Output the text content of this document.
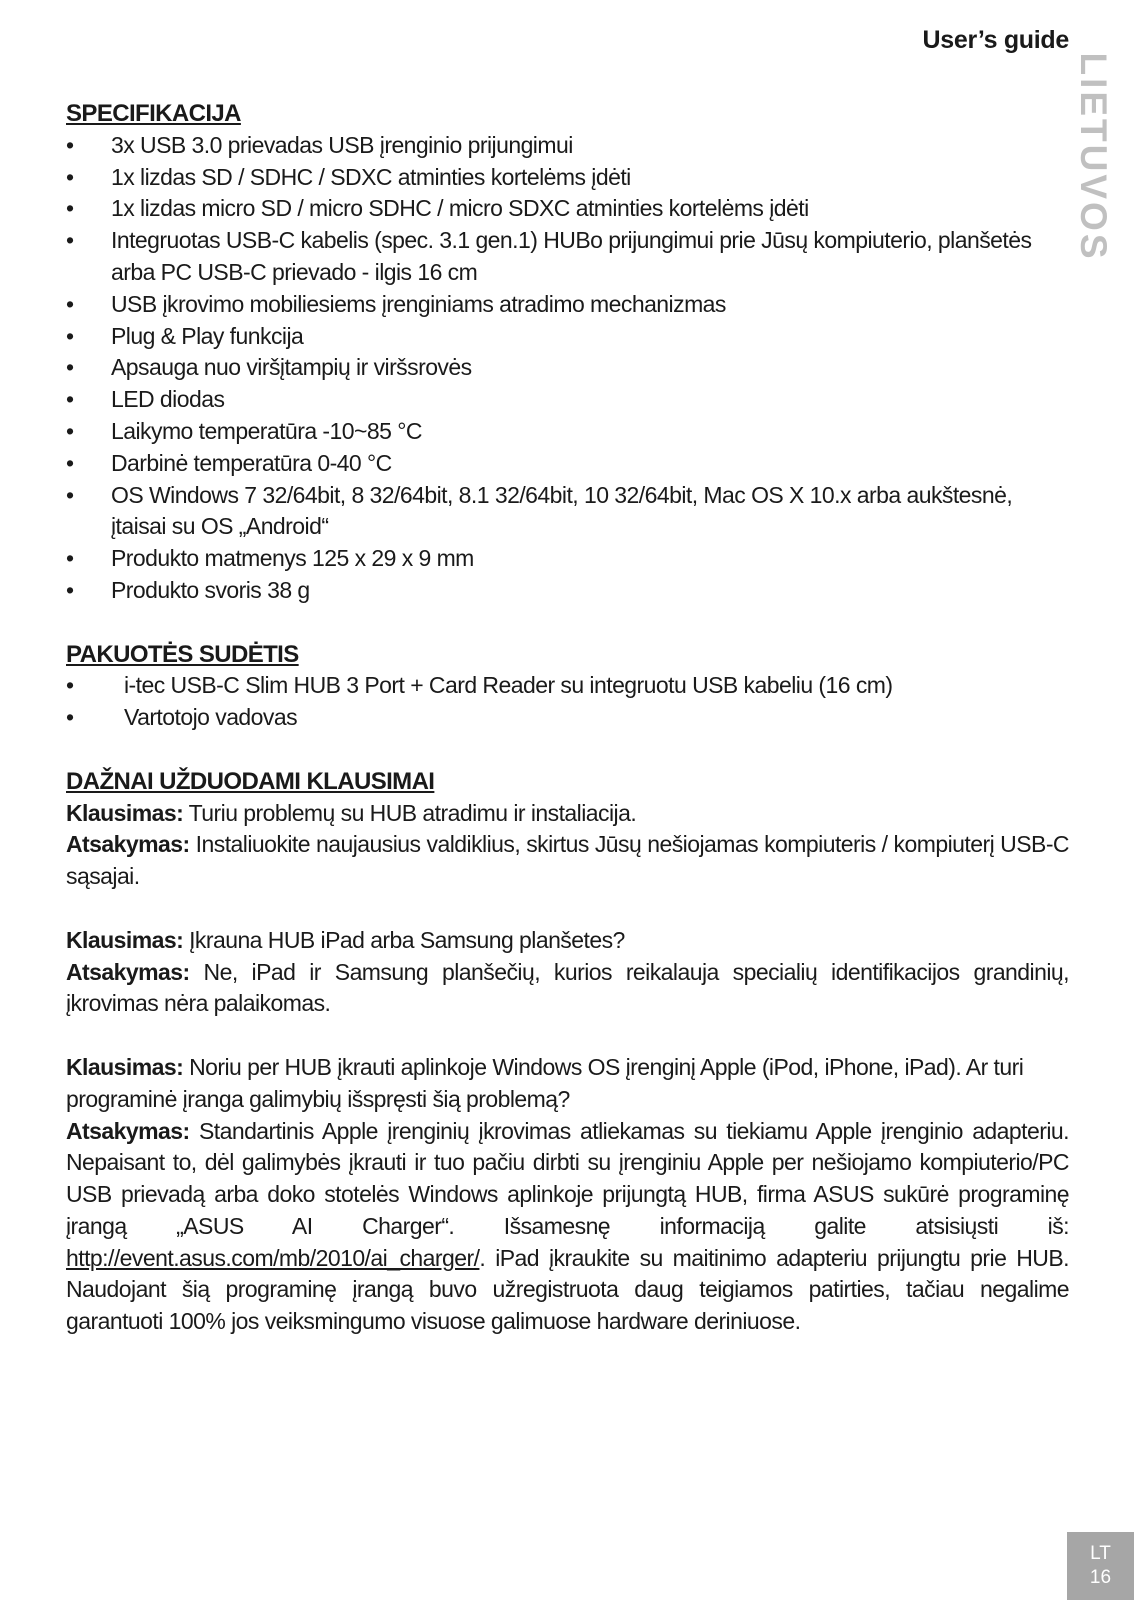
User’s guide
LIETUVOS
SPECIFIKACIJA
• 3x USB 3.0 prievadas USB įrenginio prijungimui
• 1x lizdas SD / SDHC / SDXC atminties kortelėms įdėti
• 1x lizdas micro SD / micro SDHC / micro SDXC atminties kortelėms įdėti
• Integruotas USB-C kabelis (spec. 3.1 gen.1) HUBo prijungimui prie Jūsų kompiuterio, planšetės arba PC USB-C prievado - ilgis 16 cm
• USB įkrovimo mobiliesiems įrenginiams atradimo mechanizmas
• Plug & Play funkcija
• Apsauga nuo viršįtampių ir viršsrovės
• LED diodas
• Laikymo temperatūra -10~85 °C
• Darbinė temperatūra 0-40 °C
• OS Windows 7 32/64bit, 8 32/64bit, 8.1 32/64bit, 10 32/64bit, Mac OS X 10.x arba aukštesnė, įtaisai su OS „Android“
• Produkto matmenys 125 x 29 x 9 mm
• Produkto svoris 38 g
PAKUOTĖS SUDĖTIS
• i-tec USB-C Slim HUB 3 Port + Card Reader su integruotu USB kabeliu (16 cm)
• Vartotojo vadovas
DAŽNAI UŽDUODAMI KLAUSIMAI

Klausimas: Turiu problemų su HUB atradimu ir instaliacija.

Atsakymas: Instaliuokite naujausius valdiklius, skirtus Jūsų nešiojamas kompiuteris / kompiuterį USB-C sąsajai.

Klausimas: Įkrauna HUB iPad arba Samsung planšetes?

Atsakymas: Ne, iPad ir Samsung planšečių, kurios reikalauja specialių identifikacijos grandinių, įkrovimas nėra palaikomas.

Klausimas: Noriu per HUB įkrauti aplinkoje Windows OS įrenginį Apple (iPod, iPhone, iPad). Ar turi programinė įranga galimybių išspręsti šią problemą?

Atsakymas: Standartinis Apple įrenginių įkrovimas atliekamas su tiekiamu Apple įrenginio adapteriu. Nepaisant to, dėl galimybės įkrauti ir tuo pačiu dirbti su įrenginiu Apple per nešiojamo kompiuterio/PC USB prievadą arba doko stotelės Windows aplinkoje prijungtą HUB, firma ASUS sukūrė programinę įrangą „ASUS AI Charger“. Išsamesnę informaciją galite atsisiųsti iš: http://event.asus.com/mb/2010/ai_charger/. iPad įkraukite su maitinimo adapteriu prijungtu prie HUB. Naudojant šią programinę įrangą buvo užregistruota daug teigiamos patirties, tačiau negalime garantuoti 100% jos veiksmingumo visuose galimuose hardware deriniuose.

LT
16
